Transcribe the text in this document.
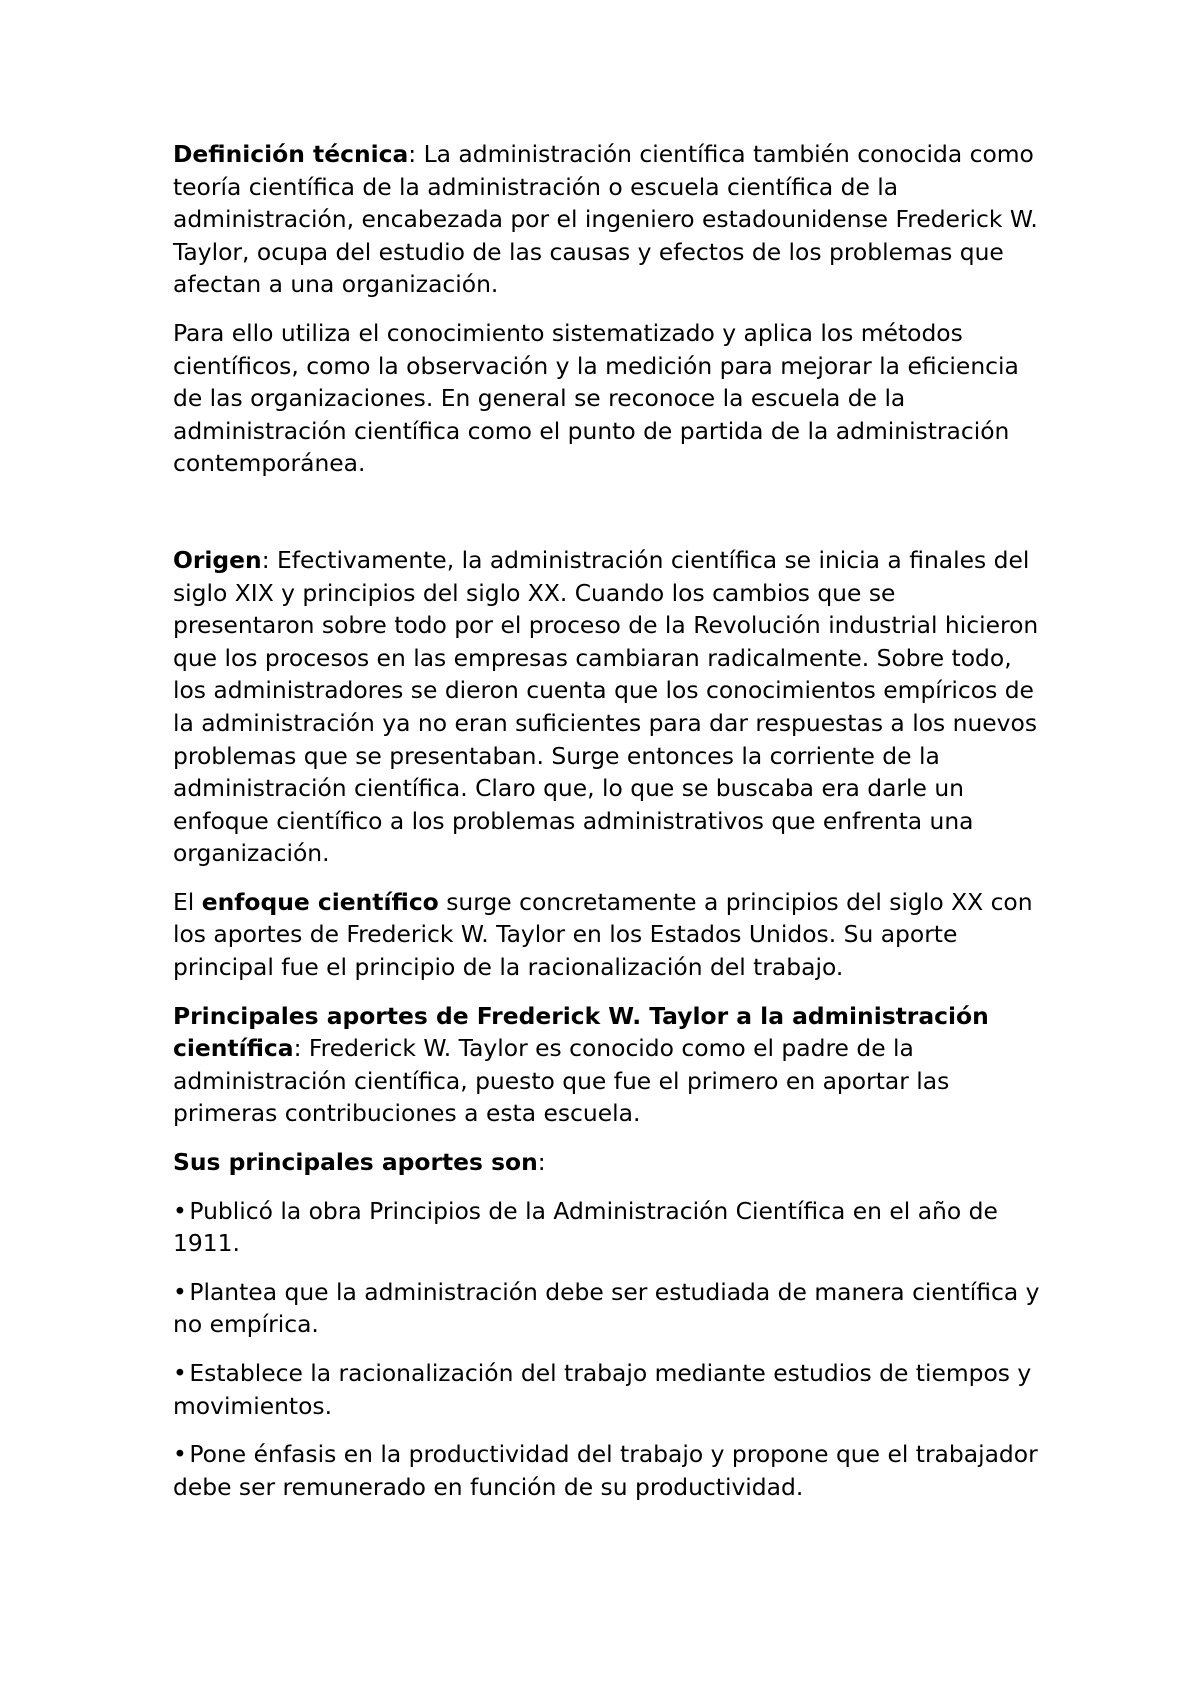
Definición técnica: La administración científica también conocida como teoría científica de la administración o escuela científica de la administración, encabezada por el ingeniero estadounidense Frederick W. Taylor, ocupa del estudio de las causas y efectos de los problemas que afectan a una organización.

Para ello utiliza el conocimiento sistematizado y aplica los métodos científicos, como la observación y la medición para mejorar la eficiencia de las organizaciones. En general se reconoce la escuela de la administración científica como el punto de partida de la administración contemporánea.

Origen: Efectivamente, la administración científica se inicia a finales del siglo XIX y principios del siglo XX. Cuando los cambios que se presentaron sobre todo por el proceso de la Revolución industrial hicieron que los procesos en las empresas cambiaran radicalmente. Sobre todo, los administradores se dieron cuenta que los conocimientos empíricos de la administración ya no eran suficientes para dar respuestas a los nuevos problemas que se presentaban. Surge entonces la corriente de la administración científica. Claro que, lo que se buscaba era darle un enfoque científico a los problemas administrativos que enfrenta una organización.

El enfoque científico surge concretamente a principios del siglo XX con los aportes de Frederick W. Taylor en los Estados Unidos. Su aporte principal fue el principio de la racionalización del trabajo.

Principales aportes de Frederick W. Taylor a la administración científica: Frederick W. Taylor es conocido como el padre de la administración científica, puesto que fue el primero en aportar las primeras contribuciones a esta escuela.

Sus principales aportes son:

• Publicó la obra Principios de la Administración Científica en el año de 1911.

• Plantea que la administración debe ser estudiada de manera científica y no empírica.

• Establece la racionalización del trabajo mediante estudios de tiempos y movimientos.

• Pone énfasis en la productividad del trabajo y propone que el trabajador debe ser remunerado en función de su productividad.
